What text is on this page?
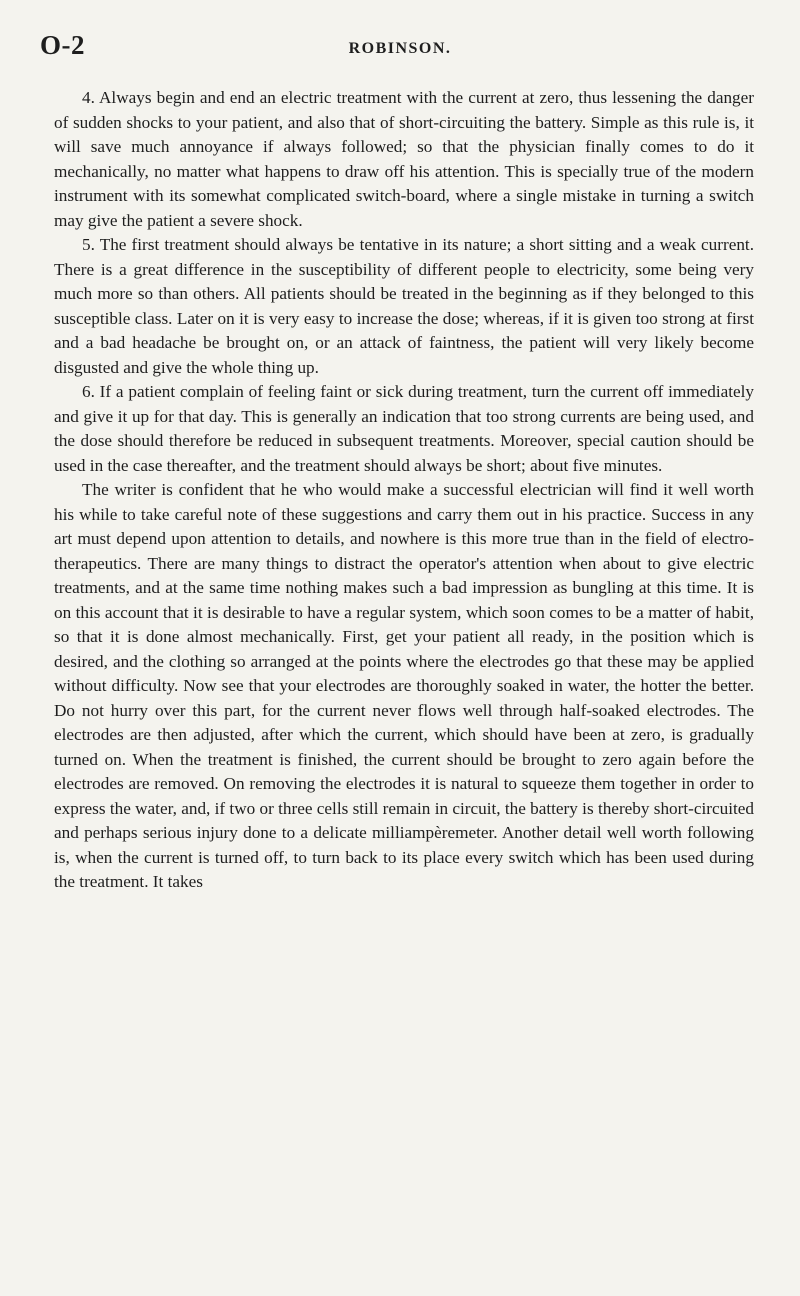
O-2	ROBINSON.

4. Always begin and end an electric treatment with the current at zero, thus lessening the danger of sudden shocks to your patient, and also that of short-circuiting the battery. Simple as this rule is, it will save much annoyance if always followed; so that the physician finally comes to do it mechanically, no matter what happens to draw off his attention. This is specially true of the modern instrument with its somewhat complicated switch-board, where a single mistake in turning a switch may give the patient a severe shock.

5. The first treatment should always be tentative in its nature; a short sitting and a weak current. There is a great difference in the susceptibility of different people to electricity, some being very much more so than others. All patients should be treated in the beginning as if they belonged to this susceptible class. Later on it is very easy to increase the dose; whereas, if it is given too strong at first and a bad headache be brought on, or an attack of faintness, the patient will very likely become disgusted and give the whole thing up.

6. If a patient complain of feeling faint or sick during treatment, turn the current off immediately and give it up for that day. This is generally an indication that too strong currents are being used, and the dose should therefore be reduced in subsequent treatments. Moreover, special caution should be used in the case thereafter, and the treatment should always be short; about five minutes.

The writer is confident that he who would make a successful electrician will find it well worth his while to take careful note of these suggestions and carry them out in his practice. Success in any art must depend upon attention to details, and nowhere is this more true than in the field of electro-therapeutics. There are many things to distract the operator's attention when about to give electric treatments, and at the same time nothing makes such a bad impression as bungling at this time. It is on this account that it is desirable to have a regular system, which soon comes to be a matter of habit, so that it is done almost mechanically. First, get your patient all ready, in the position which is desired, and the clothing so arranged at the points where the electrodes go that these may be applied without difficulty. Now see that your electrodes are thoroughly soaked in water, the hotter the better. Do not hurry over this part, for the current never flows well through half-soaked electrodes. The electrodes are then adjusted, after which the current, which should have been at zero, is gradually turned on. When the treatment is finished, the current should be brought to zero again before the electrodes are removed. On removing the electrodes it is natural to squeeze them together in order to express the water, and, if two or three cells still remain in circuit, the battery is thereby short-circuited and perhaps serious injury done to a delicate milliampèremeter. Another detail well worth following is, when the current is turned off, to turn back to its place every switch which has been used during the treatment. It takes
